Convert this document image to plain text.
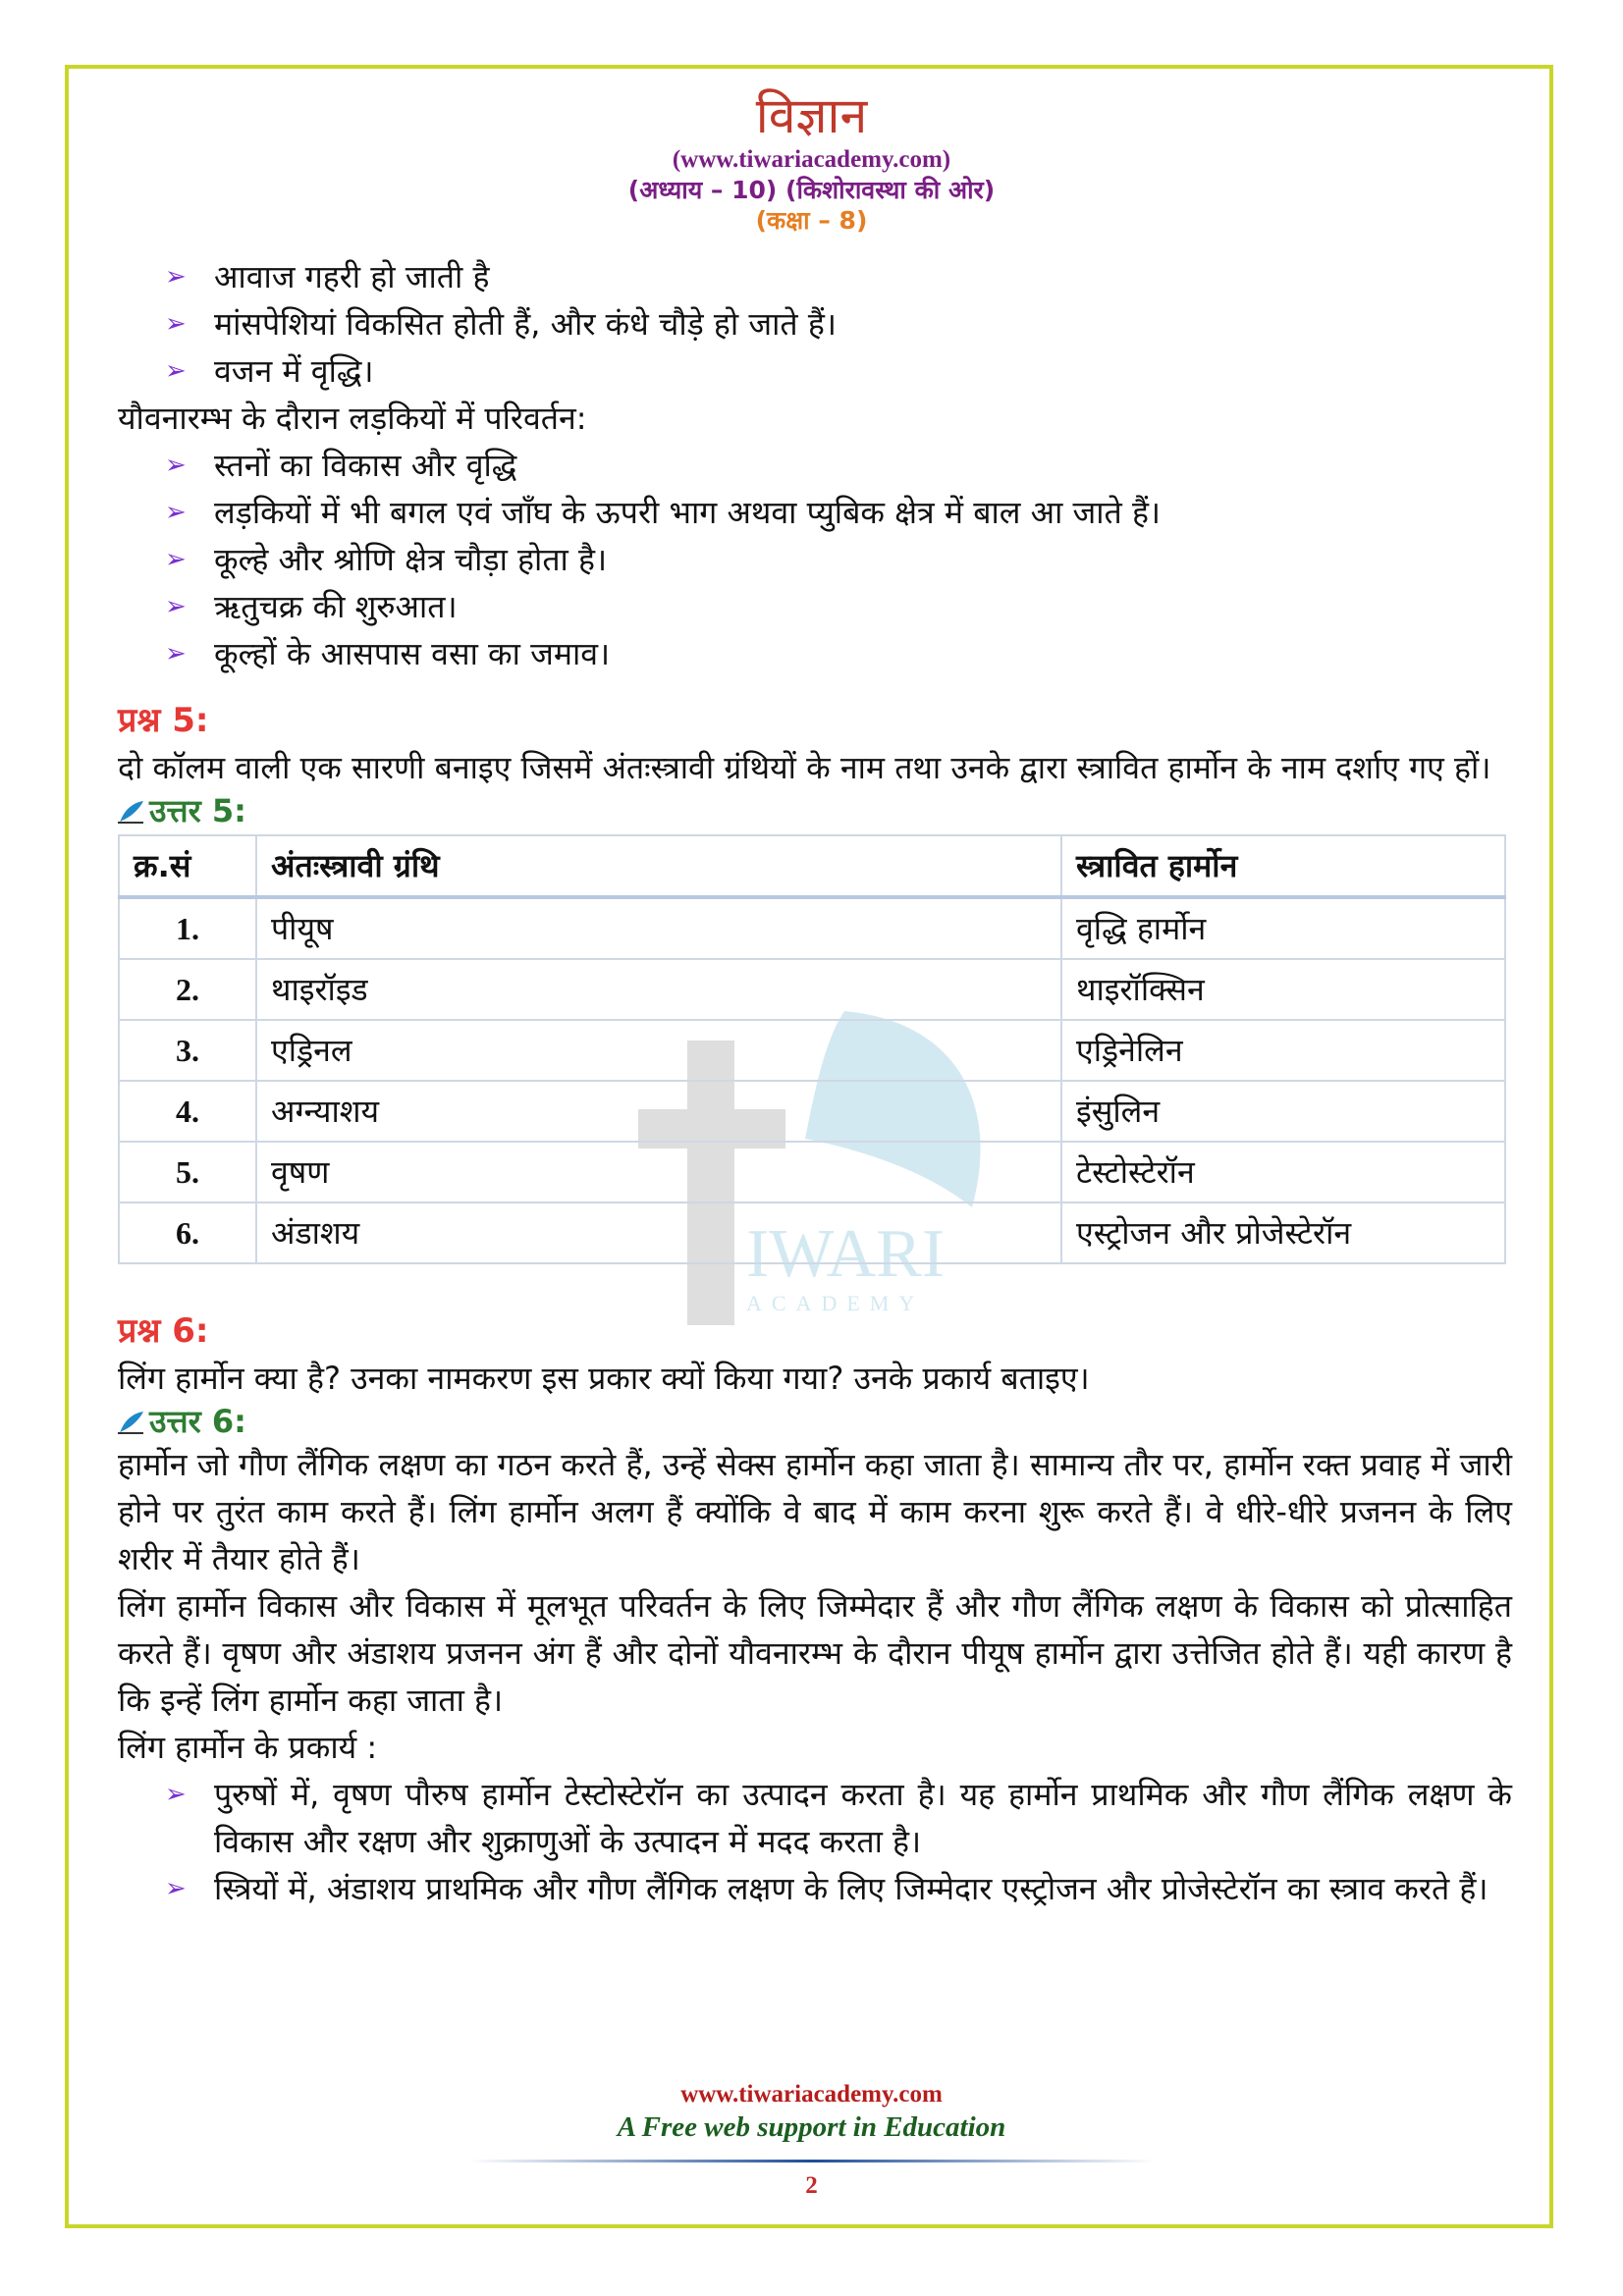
विज्ञान
(www.tiwariacademy.com)
(अध्याय – 10) (किशोरावस्था की ओर)
(कक्षा – 8)
IWARI
ACADEMY
➢ आवाज गहरी हो जाती है
➢ मांसपेशियां विकसित होती हैं, और कंधे चौड़े हो जाते हैं।
➢ वजन में वृद्धि।

यौवनारम्भ के दौरान लड़कियों में परिवर्तन:

➢ स्तनों का विकास और वृद्धि
➢ लड़कियों में भी बगल एवं जाँघ के ऊपरी भाग अथवा प्युबिक क्षेत्र में बाल आ जाते हैं।
➢ कूल्हे और श्रोणि क्षेत्र चौड़ा होता है।
➢ ऋतुचक्र की शुरुआत।
➢ कूल्हों के आसपास वसा का जमाव।
प्रश्न 5:

दो कॉलम वाली एक सारणी बनाइए जिसमें अंतःस्त्रावी ग्रंथियों के नाम तथा उनके द्वारा स्त्रावित हार्मोन के नाम दर्शाए गए हों।

उत्तर 5:
क्र.सं	अंतःस्त्रावी ग्रंथि	स्त्रावित हार्मोन
1.	पीयूष	वृद्धि हार्मोन
2.	थाइरॉइड	थाइरॉक्सिन
3.	एड्रिनल	एड्रिनेलिन
4.	अग्न्याशय	इंसुलिन
5.	वृषण	टेस्टोस्टेरॉन
6.	अंडाशय	एस्ट्रोजन और प्रोजेस्टेरॉन
प्रश्न 6:

लिंग हार्मोन क्या है? उनका नामकरण इस प्रकार क्यों किया गया? उनके प्रकार्य बताइए।

उत्तर 6:

हार्मोन जो गौण लैंगिक लक्षण का गठन करते हैं, उन्हें सेक्स हार्मोन कहा जाता है। सामान्य तौर पर, हार्मोन रक्त प्रवाह में जारी होने पर तुरंत काम करते हैं। लिंग हार्मोन अलग हैं क्योंकि वे बाद में काम करना शुरू करते हैं। वे धीरे-धीरे प्रजनन के लिए शरीर में तैयार होते हैं।

लिंग हार्मोन विकास और विकास में मूलभूत परिवर्तन के लिए जिम्मेदार हैं और गौण लैंगिक लक्षण के विकास को प्रोत्साहित करते हैं। वृषण और अंडाशय प्रजनन अंग हैं और दोनों यौवनारम्भ के दौरान पीयूष हार्मोन द्वारा उत्तेजित होते हैं। यही कारण है कि इन्हें लिंग हार्मोन कहा जाता है।

लिंग हार्मोन के प्रकार्य :

➢ पुरुषों में, वृषण पौरुष हार्मोन टेस्टोस्टेरॉन का उत्पादन करता है। यह हार्मोन प्राथमिक और गौण लैंगिक लक्षण के विकास और रक्षण और शुक्राणुओं के उत्पादन में मदद करता है।
➢ स्त्रियों में, अंडाशय प्राथमिक और गौण लैंगिक लक्षण के लिए जिम्मेदार एस्ट्रोजन और प्रोजेस्टेरॉन का स्त्राव करते हैं।
www.tiwariacademy.com
A Free web support in Education
2
